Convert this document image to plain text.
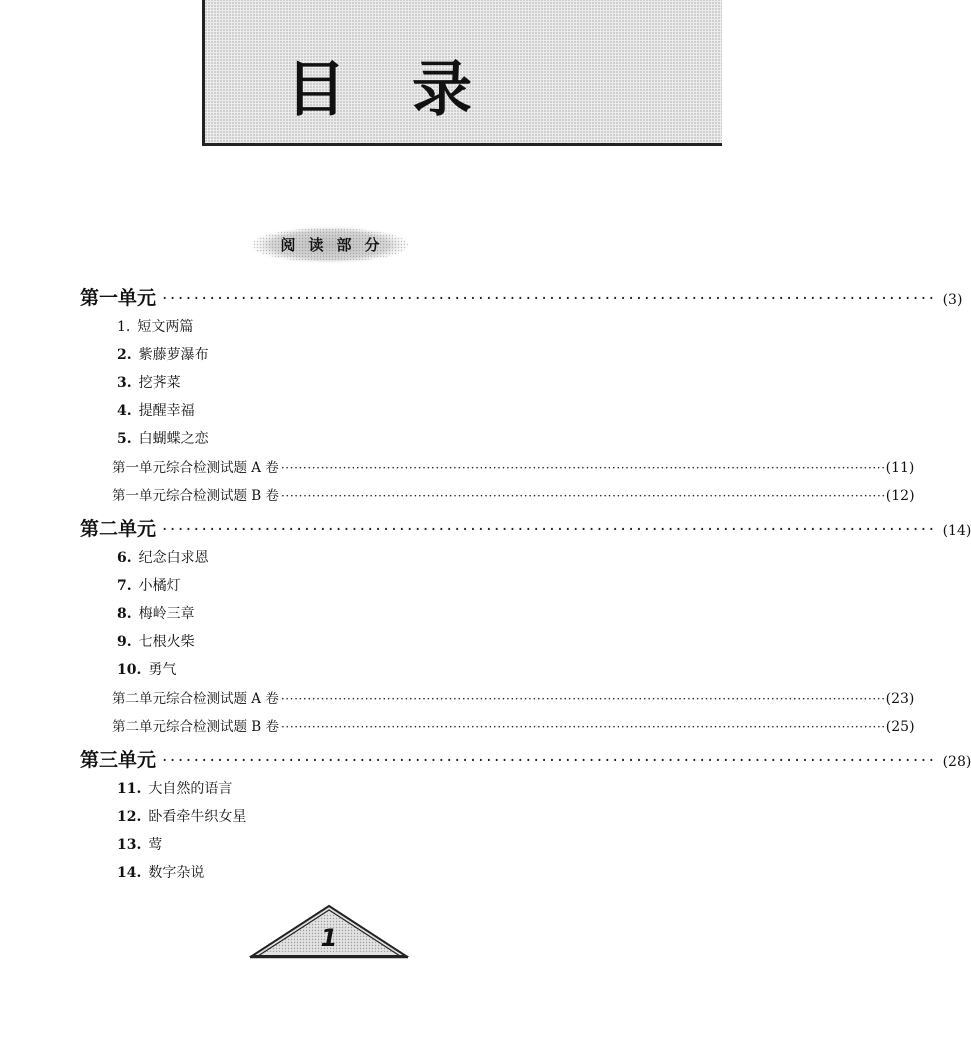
目录
阅读部分
第一单元 ·································································································· (3)
1. 短文两篇
2. 紫藤萝瀑布
3. 挖荠菜
4. 提醒幸福
5. 白蝴蝶之恋
第一单元综合检测试题 A 卷 ········································································································································· (11)
第一单元综合检测试题 B 卷 ········································································································································· (12)
第二单元 ·································································································· (14)
6. 纪念白求恩
7. 小橘灯
8. 梅岭三章
9. 七根火柴
10. 勇气
第二单元综合检测试题 A 卷 ········································································································································· (23)
第二单元综合检测试题 B 卷 ········································································································································· (25)
第三单元 ·································································································· (28)
11. 大自然的语言
12. 卧看牵牛织女星
13. 莺
14. 数字杂说
1
